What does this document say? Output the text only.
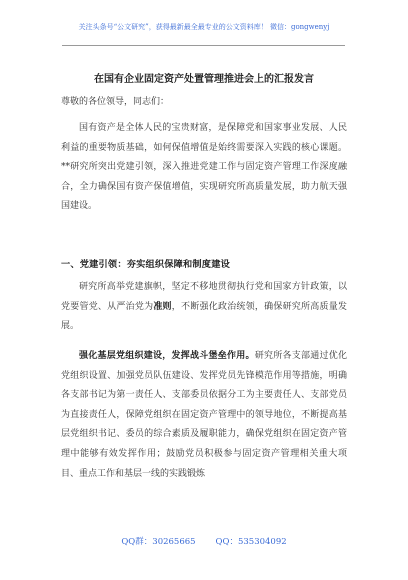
关注头条号“公文研究”，获得最新最全最专业的公文资料库！ 微信：gongwenyj
在国有企业固定资产处置管理推进会上的汇报发言
尊敬的各位领导，同志们：

国有资产是全体人民的宝贵财富，是保障党和国家事业发展、人民利益的重要物质基础，如何保值增值是始终需要深入实践的核心课题。**研究所突出党建引领，深入推进党建工作与固定资产管理工作深度融合，全力确保国有资产保值增值，实现研究所高质量发展，助力航天强国建设。

一、党建引领：夯实组织保障和制度建设

研究所高举党建旗帜，坚定不移地贯彻执行党和国家方针政策，以党要管党、从严治党为准则，不断强化政治统领，确保研究所高质量发展。

强化基层党组织建设，发挥战斗堡垒作用。研究所各支部通过优化党组织设置、加强党员队伍建设、发挥党员先锋模范作用等措施，明确各支部书记为第一责任人、支部委员依据分工为主要责任人、支部党员为直接责任人，保障党组织在固定资产管理中的领导地位，不断提高基层党组织书记、委员的综合素质及履职能力，确保党组织在固定资产管理中能够有效发挥作用；鼓励党员积极参与固定资产管理相关重大项目、重点工作和基层一线的实践锻炼

QQ群：30265665 QQ：535304092
